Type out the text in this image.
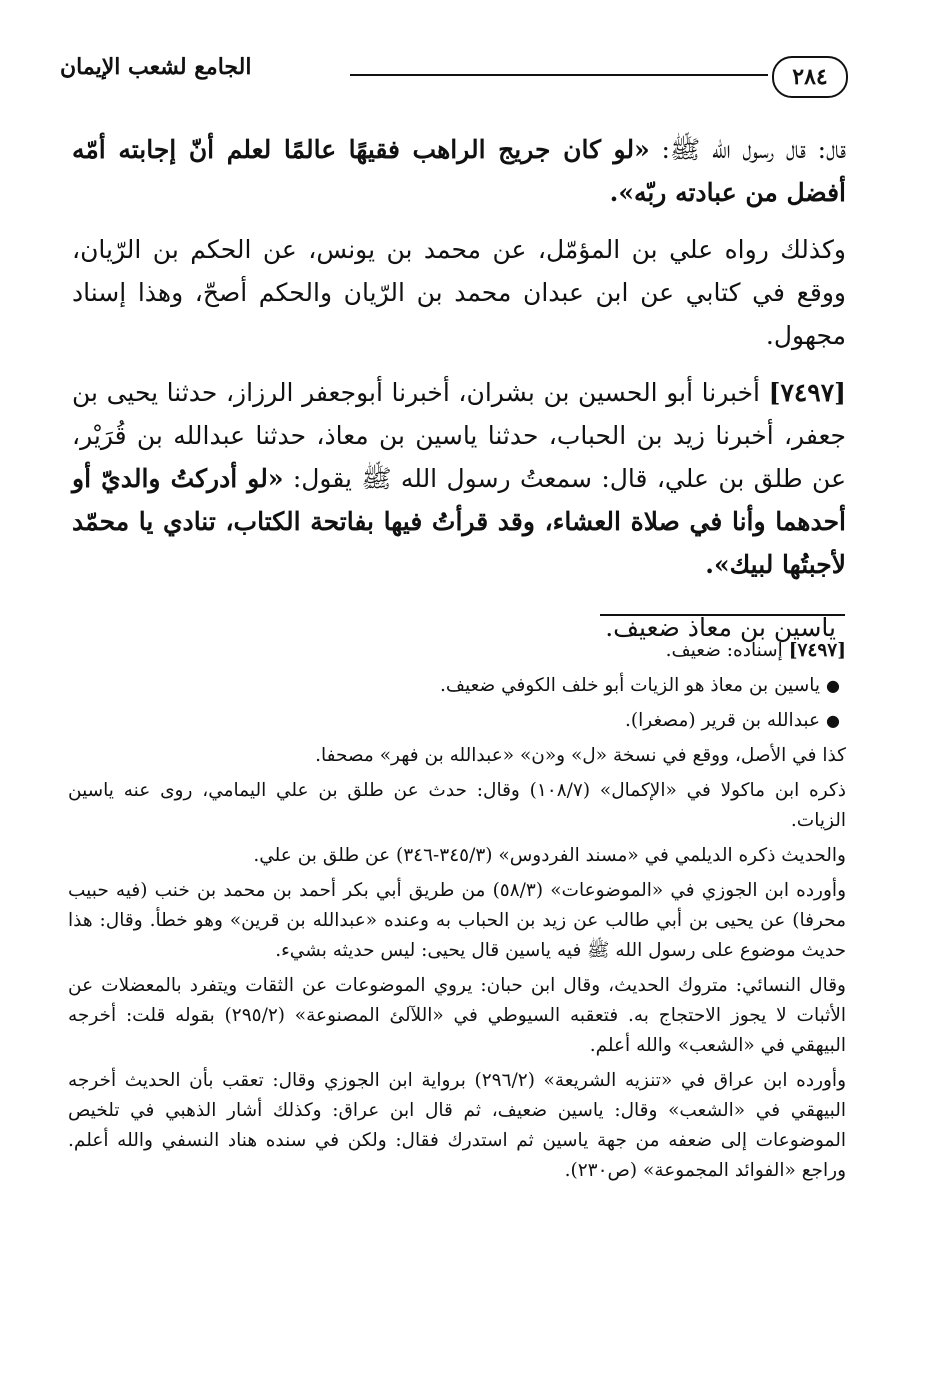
٢٨٤
الجامع لشعب الإيمان

قال: قال رسول الله ﷺ: «لو كان جريج الراهب فقيهًا عالمًا لعلم أنّ إجابته أمّه أفضل من عبادته ربّه».

وكذلك رواه علي بن المؤمّل، عن محمد بن يونس، عن الحكم بن الرّيان، ووقع في كتابي عن ابن عبدان محمد بن الرّيان والحكم أصحّ، وهذا إسناد مجهول.

[٧٤٩٧] أخبرنا أبو الحسين بن بشران، أخبرنا أبوجعفر الرزاز، حدثنا يحيى بن جعفر، أخبرنا زيد بن الحباب، حدثنا ياسين بن معاذ، حدثنا عبدالله بن قُرَيْر، عن طلق بن علي، قال: سمعتُ رسول الله ﷺ يقول: «لو أدركتُ والديّ أو أحدهما وأنا في صلاة العشاء، وقد قرأتُ فيها بفاتحة الكتاب، تنادي يا محمّد لأجبتُها لبيك».

ياسين بن معاذ ضعيف.

[٧٤٩٧] إسناده: ضعيف.

●ياسين بن معاذ هو الزيات أبو خلف الكوفي ضعيف.

●عبدالله بن قرير (مصغرا).

كذا في الأصل، ووقع في نسخة «ل» و«ن» «عبدالله بن فهر» مصحفا.

ذكره ابن ماكولا في «الإكمال» (١٠٨/٧) وقال: حدث عن طلق بن علي اليمامي، روى عنه ياسين الزيات.

والحديث ذكره الديلمي في «مسند الفردوس» (٣٤٥/٣-٣٤٦) عن طلق بن علي.

وأورده ابن الجوزي في «الموضوعات» (٥٨/٣) من طريق أبي بكر أحمد بن محمد بن خنب (فيه حبيب محرفا) عن يحيى بن أبي طالب عن زيد بن الحباب به وعنده «عبدالله بن قرين» وهو خطأ. وقال: هذا حديث موضوع على رسول الله ﷺ فيه ياسين قال يحيى: ليس حديثه بشيء.

وقال النسائي: متروك الحديث، وقال ابن حبان: يروي الموضوعات عن الثقات ويتفرد بالمعضلات عن الأثبات لا يجوز الاحتجاج به. فتعقبه السيوطي في «اللآلئ المصنوعة» (٢٩٥/٢) بقوله قلت: أخرجه البيهقي في «الشعب» والله أعلم.

وأورده ابن عراق في «تنزيه الشريعة» (٢٩٦/٢) برواية ابن الجوزي وقال: تعقب بأن الحديث أخرجه البيهقي في «الشعب» وقال: ياسين ضعيف، ثم قال ابن عراق: وكذلك أشار الذهبي في تلخيص الموضوعات إلى ضعفه من جهة ياسين ثم استدرك فقال: ولكن في سنده هناد النسفي والله أعلم. وراجع «الفوائد المجموعة» (ص٢٣٠).
